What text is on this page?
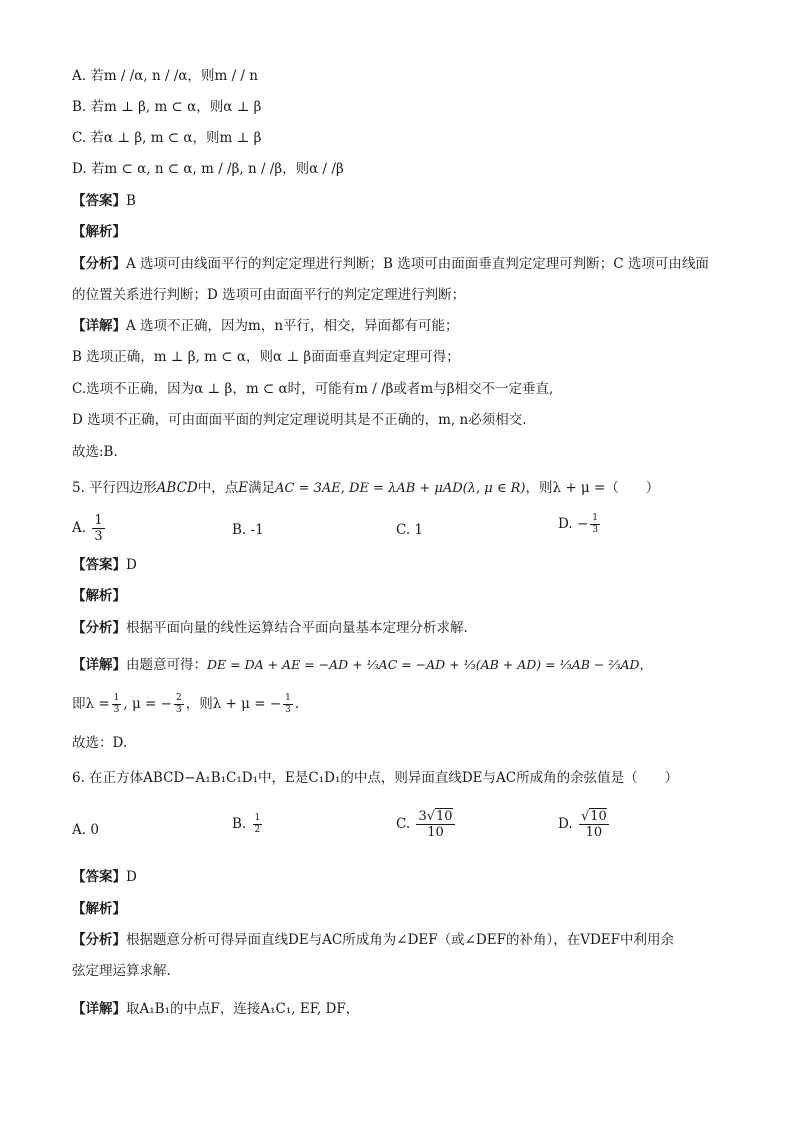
A. 若m / /α, n / /α，则m / / n
B. 若m ⊥ β, m ⊂ α，则α ⊥ β
C. 若α ⊥ β, m ⊂ α，则m ⊥ β
D. 若m ⊂ α, n ⊂ α, m / /β, n / /β，则α / /β
【答案】B
【解析】
【分析】A 选项可由线面平行的判定定理进行判断；B 选项可由面面垂直判定定理可判断；C 选项可由线面
的位置关系进行判断；D 选项可由面面平行的判定定理进行判断；
【详解】A 选项不正确，因为m，n平行，相交，异面都有可能；
B 选项正确，m ⊥ β, m ⊂ α，则α ⊥ β面面垂直判定定理可得；
C.选项不正确，因为α ⊥ β，m ⊂ α时，可能有m / /β或者m与β相交不一定垂直,
D 选项不正确，可由面面平面的判定定理说明其是不正确的，m, n必须相交.
故选:B.
5. 平行四边形ABCD中，点E满足AC = 3AE, DE = λAB + μAD(λ, μ ∈ R)，则λ + μ =（　　）
A. $\frac{1}{3}$	B. -1	C. 1	D. − $\frac{1}{3}$
【答案】D
【解析】
【分析】根据平面向量的线性运算结合平面向量基本定理分析求解.
【详解】由题意可得：DE = DA + AE = −AD + ⅓AC = −AD + ⅓(AB + AD) = ⅓AB − ⅔AD，
即$\lambda = \frac{1}{3}$ , μ = − $\frac{2}{3}$ ，则λ + μ = − $\frac{1}{3}$ .
故选：D.
6. 在正方体ABCD−A₁B₁C₁D₁中，E是C₁D₁的中点，则异面直线DE与AC所成角的余弦值是（　　）
A. 0	B. $\frac{1}{2}$	C. $\frac{3√10}{10}$	D. $\frac{√10}{10}$
【答案】D
【解析】
【分析】根据题意分析可得异面直线DE与AC所成角为∠DEF（或∠DEF的补角），在VDEF中利用余
弦定理运算求解.
【详解】取A₁B₁的中点F，连接A₁C₁, EF, DF，
